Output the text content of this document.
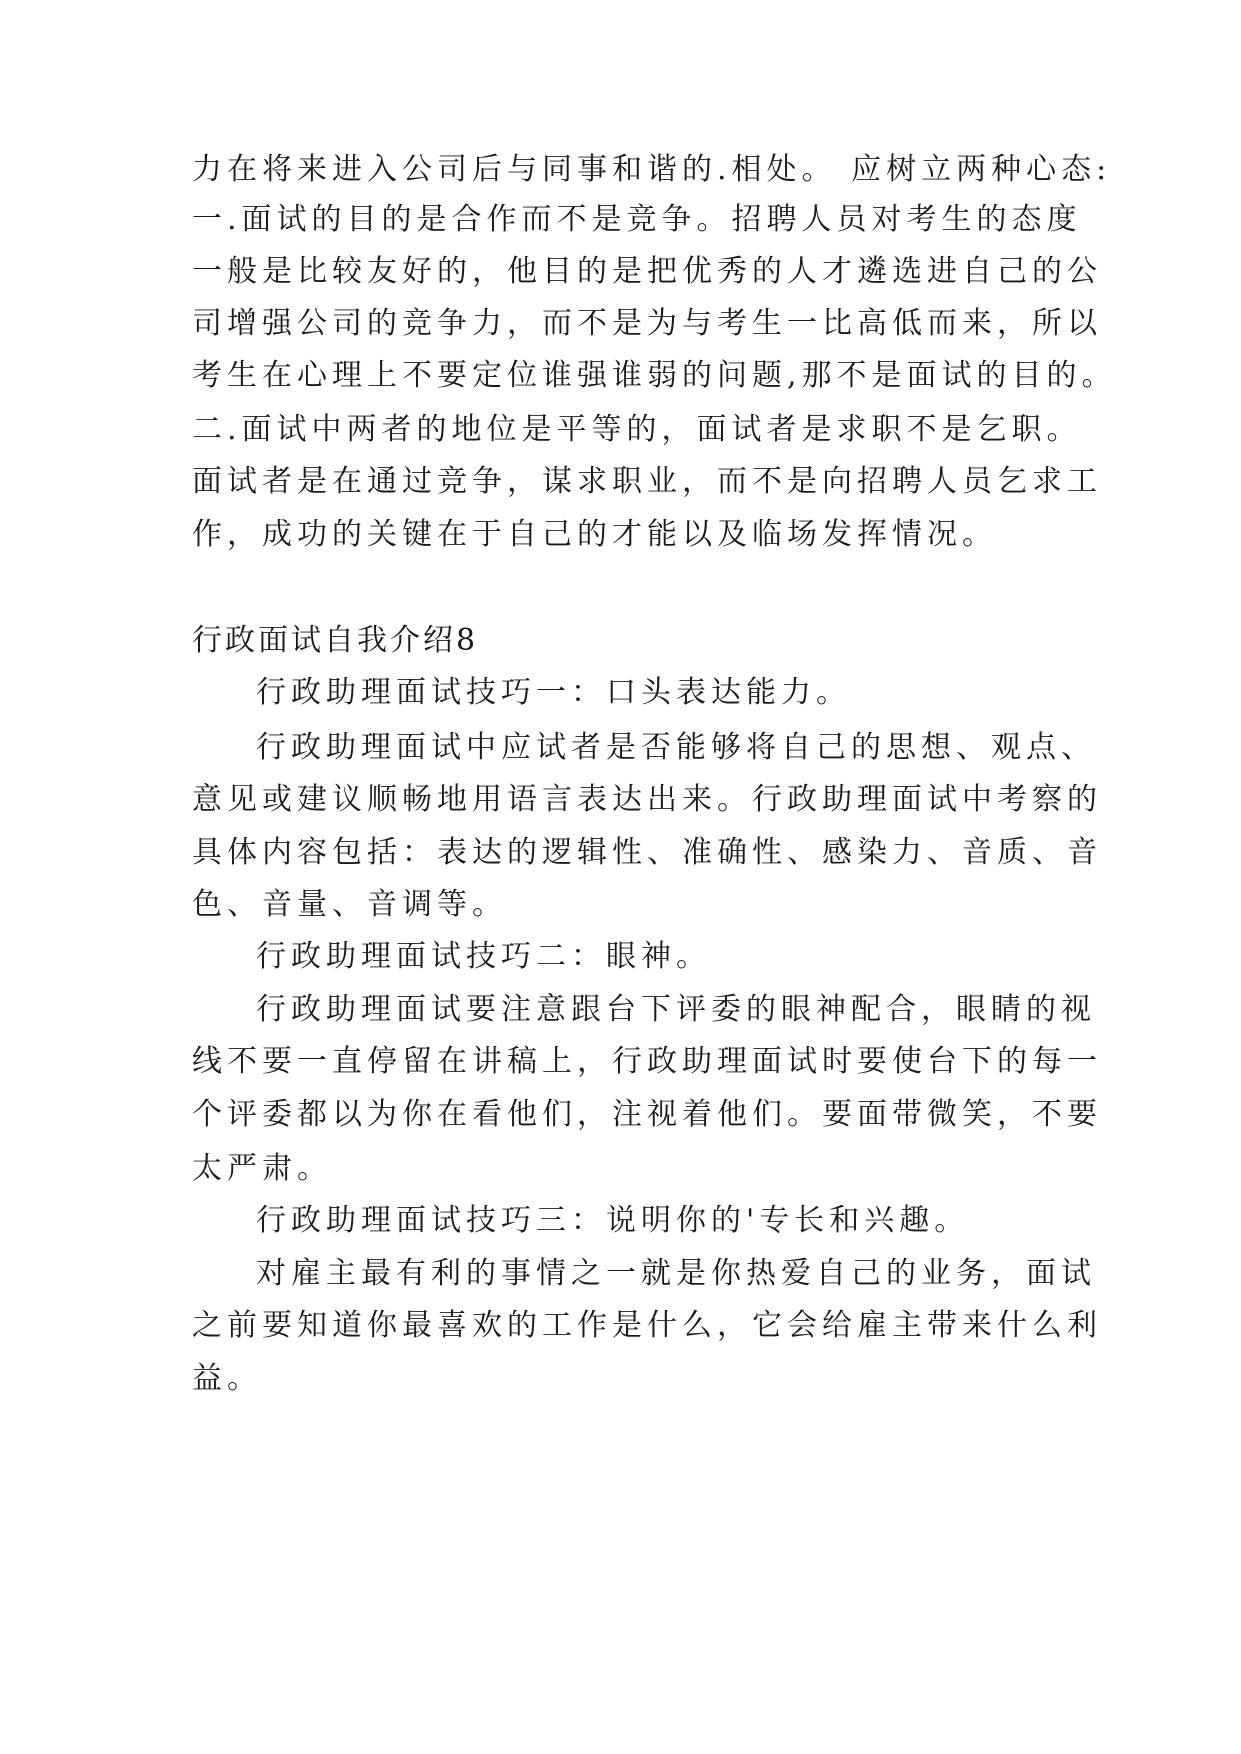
力在将来进入公司后与同事和谐的.相处。 应树立两种心态:
一.面试的目的是合作而不是竞争。招聘人员对考生的态度
一般是比较友好的，他目的是把优秀的人才遴选进自己的公
司增强公司的竞争力，而不是为与考生一比高低而来，所以
考生在心理上不要定位谁强谁弱的问题,那不是面试的目的。
二.面试中两者的地位是平等的，面试者是求职不是乞职。
面试者是在通过竞争，谋求职业，而不是向招聘人员乞求工
作，成功的关键在于自己的才能以及临场发挥情况。
行政面试自我介绍8
行政助理面试技巧一：口头表达能力。
行政助理面试中应试者是否能够将自己的思想、观点、
意见或建议顺畅地用语言表达出来。行政助理面试中考察的
具体内容包括：表达的逻辑性、准确性、感染力、音质、音
色、音量、音调等。
行政助理面试技巧二：眼神。
行政助理面试要注意跟台下评委的眼神配合，眼睛的视
线不要一直停留在讲稿上，行政助理面试时要使台下的每一
个评委都以为你在看他们，注视着他们。要面带微笑，不要
太严肃。
行政助理面试技巧三：说明你的'专长和兴趣。
对雇主最有利的事情之一就是你热爱自己的业务，面试
之前要知道你最喜欢的工作是什么，它会给雇主带来什么利
益。
